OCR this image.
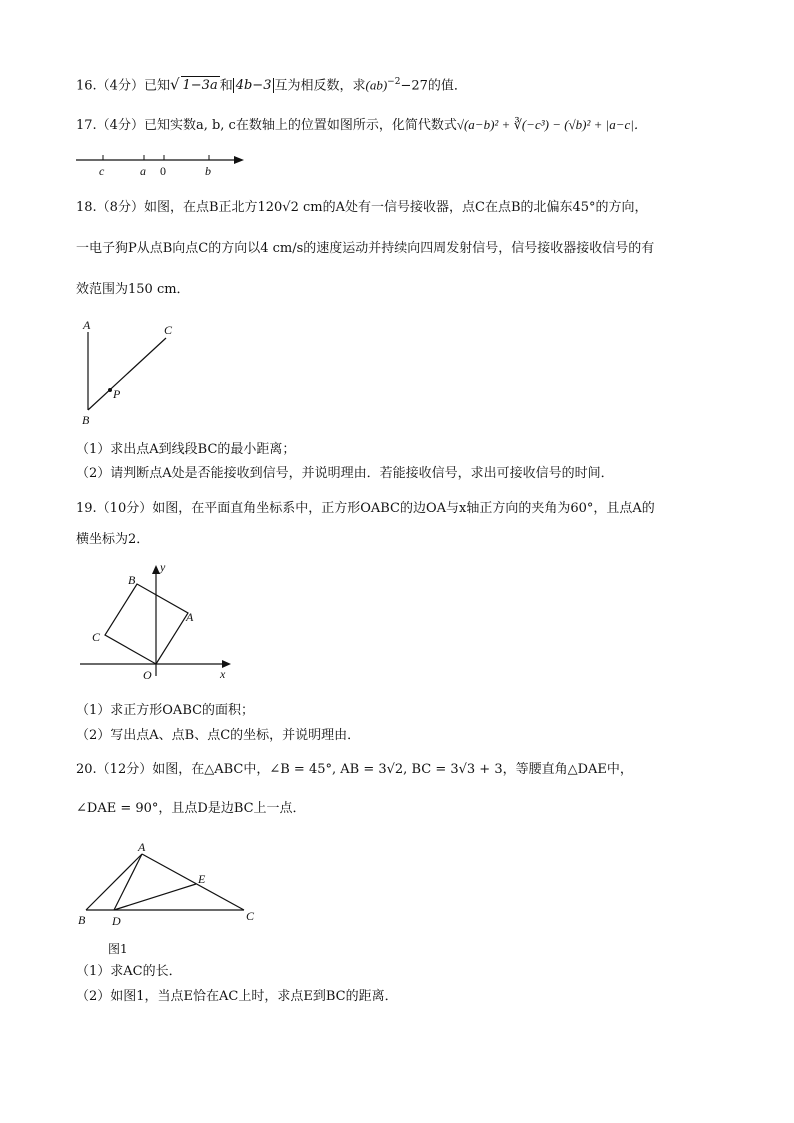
16.（4分）已知√ 1−3a 和 4b−3 互为相反数，求(ab)$^{-2}$−27的值．
17.（4分）已知实数a, b, c在数轴上的位置如图所示，化简代数式√(a−b)² + ∛(−c³) − (√b)² + |a−c|．
c	a 0	b
18.（8分）如图，在点B正北方120√2 cm的A处有一信号接收器，点C在点B的北偏东45°的方向，
一电子狗P从点B向点C的方向以4 cm/s的速度运动并持续向四周发射信号，信号接收器接收信号的有
效范围为150 cm．
A	C
P
B
（1）求出点A到线段BC的最小距离；
（2）请判断点A处是否能接收到信号，并说明理由．若能接收信号，求出可接收信号的时间．
19.（10分）如图，在平面直角坐标系中，正方形OABC的边OA与x轴正方向的夹角为60°，且点A的
横坐标为2．
y
B
A
C
O	x
（1）求正方形OABC的面积；
（2）写出点A、点B、点C的坐标，并说明理由．
20.（12分）如图，在△ABC中，∠B = 45°, AB = 3√2, BC = 3√3 + 3，等腰直角△DAE中，
∠DAE = 90°，且点D是边BC上一点．
A
E
B D	C
图1
（1）求AC的长．
（2）如图1，当点E恰在AC上时，求点E到BC的距离．
